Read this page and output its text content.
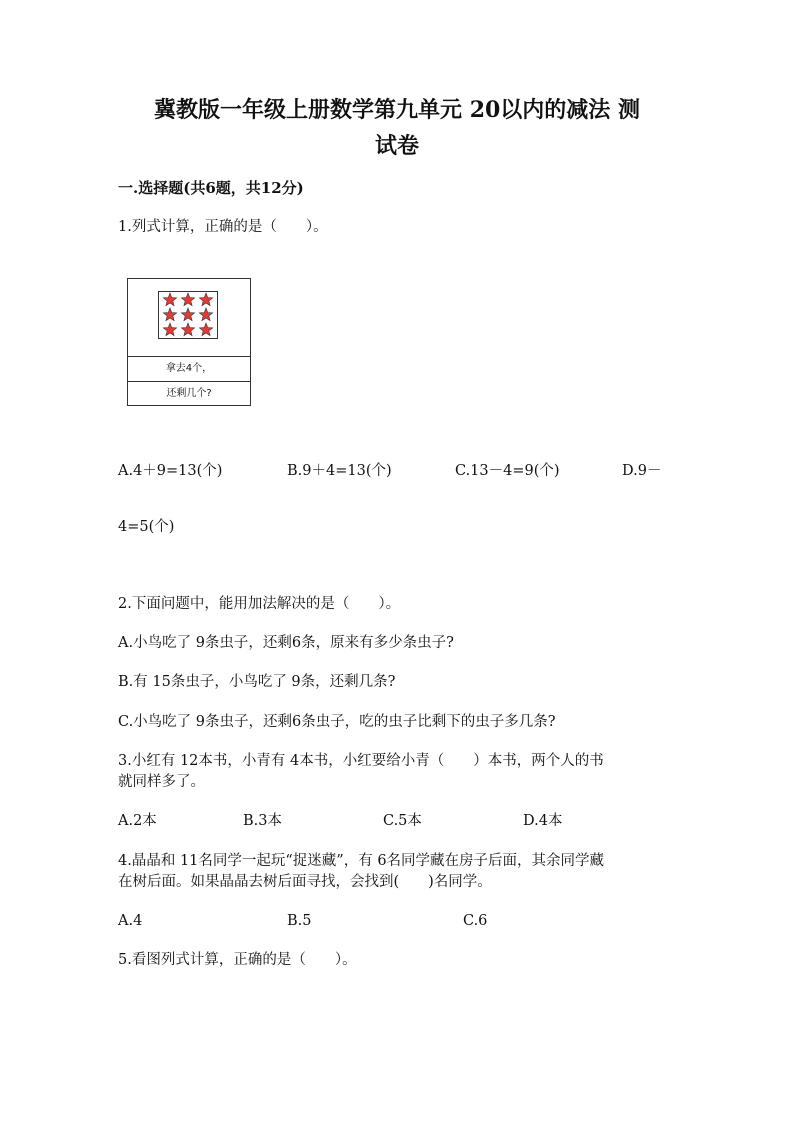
冀教版一年级上册数学第九单元 20以内的减法 测
试卷
一.选择题(共6题，共12分)
1.列式计算，正确的是（　　）。
拿去4个，
还剩几个?
A.4＋9=13(个)	B.9＋4=13(个)	C.13－4=9(个)	D.9－
4=5(个)
2.下面问题中，能用加法解决的是（　　）。
A.小鸟吃了 9条虫子，还剩6条，原来有多少条虫子?
B.有 15条虫子，小鸟吃了 9条，还剩几条?
C.小鸟吃了 9条虫子，还剩6条虫子，吃的虫子比剩下的虫子多几条?
3.小红有 12本书，小青有 4本书，小红要给小青（　　）本书，两个人的书
就同样多了。
A.2本	B.3本	C.5本	D.4本
4.晶晶和 11名同学一起玩“捉迷藏”，有 6名同学藏在房子后面，其余同学藏
在树后面。如果晶晶去树后面寻找，会找到(　　)名同学。
A.4	B.5	C.6
5.看图列式计算，正确的是（　　）。
